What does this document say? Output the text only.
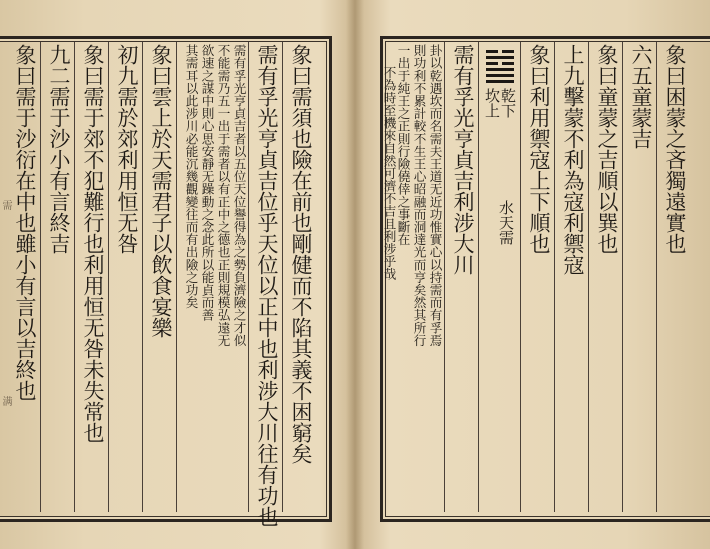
象曰需須也險在前也剛健而不陷其義不困窮矣
需有孚光亨貞吉位乎天位以正中也利涉大川往有功也
需有孚光亨貞吉者以五位天位譽得為之勢負濟險之才似
不能需乃五一出于需者以有正中之德也正則規模弘遠无
欲速之謀中則心思安靜无躁動之念此所以能貞而善
其需耳以此涉川必能沉幾觀變往而有出險之功矣
象曰雲上於天需君子以飲食宴樂
初九需於郊利用恒无咎
象曰需于郊不犯難行也利用恒无咎未失常也
九二需于沙小有言終吉
象曰需于沙衍在中也雖小有言以吉終也
需
满
象曰困蒙之吝獨遠實也
六五童蒙吉
象曰童蒙之吉順以巽也
上九擊蒙不利為寇利禦寇
象曰利用禦寇上下順也
乾下
坎上
水天需
需有孚光亨貞吉利涉大川
卦以乾遇坎而名需夫王道无近功惟實心以持需而有孚焉
則功利不累計較不生王心昭融而洞達光而亨矣然其所行
一出于純王之正則行險僥倖之事斷在
不為時至機來自然可濟不吉且利涉乎哉
